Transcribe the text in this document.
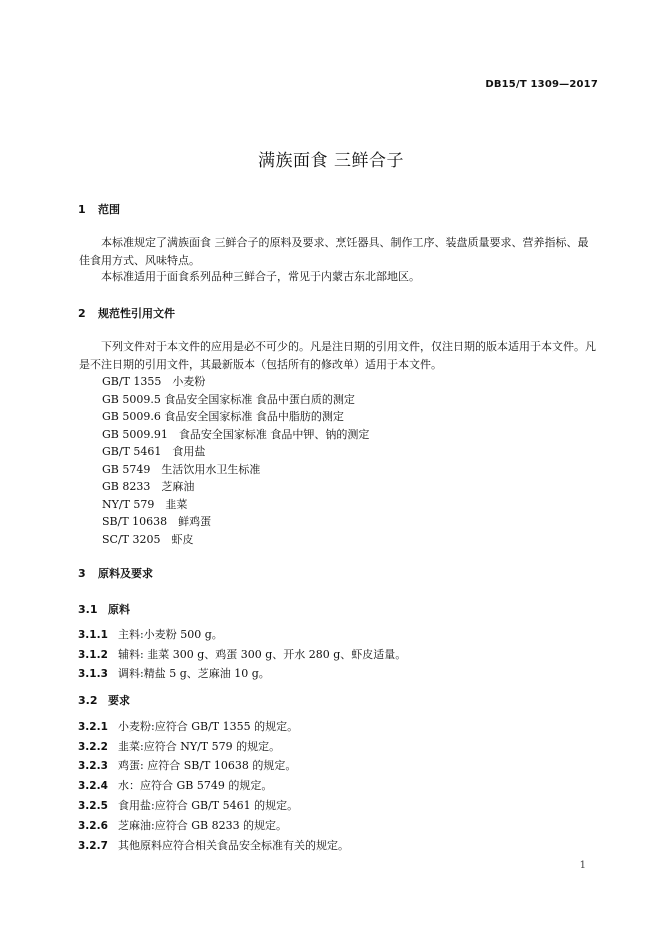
DB15/T 1309—2017
满族面食 三鲜合子
1 范围
本标准规定了满族面食 三鲜合子的原料及要求、烹饪器具、制作工序、装盘质量要求、营养指标、最佳食用方式、风味特点。
本标准适用于面食系列品种三鲜合子，常见于内蒙古东北部地区。
2 规范性引用文件
下列文件对于本文件的应用是必不可少的。凡是注日期的引用文件，仅注日期的版本适用于本文件。凡是不注日期的引用文件，其最新版本（包括所有的修改单）适用于本文件。
GB/T 1355　小麦粉
GB 5009.5 食品安全国家标准 食品中蛋白质的测定
GB 5009.6 食品安全国家标准 食品中脂肪的测定
GB 5009.91　食品安全国家标准 食品中钾、钠的测定
GB/T 5461　食用盐
GB 5749　生活饮用水卫生标准
GB 8233　芝麻油
NY/T 579　韭菜
SB/T 10638　鲜鸡蛋
SC/T 3205　虾皮
3 原料及要求
3.1 原料
3.1.1 主料:小麦粉 500 g。
3.1.2 辅料: 韭菜 300 g、鸡蛋 300 g、开水 280 g、虾皮适量。
3.1.3 调料:精盐 5 g、芝麻油 10 g。
3.2 要求
3.2.1 小麦粉:应符合 GB/T 1355 的规定。
3.2.2 韭菜:应符合 NY/T 579 的规定。
3.2.3 鸡蛋: 应符合 SB/T 10638 的规定。
3.2.4 水：应符合 GB 5749 的规定。
3.2.5 食用盐:应符合 GB/T 5461 的规定。
3.2.6 芝麻油:应符合 GB 8233 的规定。
3.2.7 其他原料应符合相关食品安全标准有关的规定。
1
